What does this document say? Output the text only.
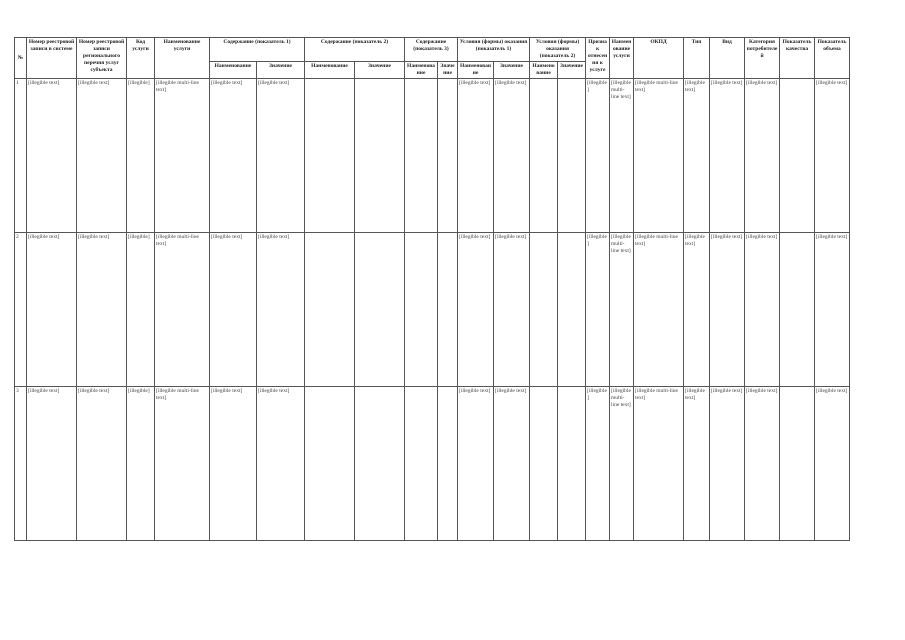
№	Номер реестровой записи в системе	Номер реестровой записи регионального перечня услуг субъекта	Код услуги	Наименование услуги	Содержание (показатель 1)		Содержание (показатель 2)		Содержание (показатель 3)		Условия (формы) оказания (показатель 1)		Условия (формы) оказания (показатель 2)		Признак отнесения к услуге	Наименование услуги	ОКПД	Тип	Вид	Категория потребителей	Показатель качества	Показатель объема
					Наименование	Значение	Наименование	Значение	Наименование	Значение	Наименование	Значение	Наименование	Значение								
1	[illegible text]	[illegible text]	[illegible]	[illegible multi-line text]	[illegible text]	[illegible text]					[illegible text]	[illegible text]			[illegible]	[illegible multi-line text]	[illegible multi-line text]	[illegible text]	[illegible text]	[illegible text]		[illegible text]
2	[illegible text]	[illegible text]	[illegible]	[illegible multi-line text]	[illegible text]	[illegible text]					[illegible text]	[illegible text]			[illegible]	[illegible multi-line text]	[illegible multi-line text]	[illegible text]	[illegible text]	[illegible text]		[illegible text]
3	[illegible text]	[illegible text]	[illegible]	[illegible multi-line text]	[illegible text]	[illegible text]					[illegible text]	[illegible text]			[illegible]	[illegible multi-line text]	[illegible multi-line text]	[illegible text]	[illegible text]	[illegible text]		[illegible text]
